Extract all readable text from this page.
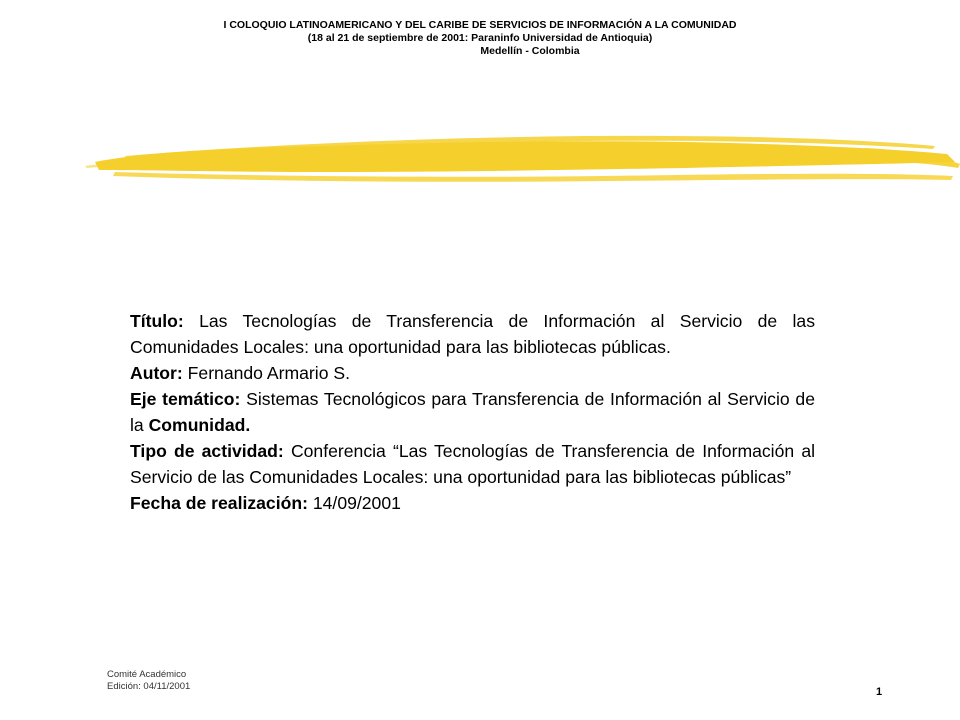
I COLOQUIO LATINOAMERICANO Y DEL CARIBE DE SERVICIOS DE INFORMACIÓN A LA COMUNIDAD
(18 al 21 de septiembre de 2001: Paraninfo Universidad de Antioquia)
Medellín - Colombia

Título: Las Tecnologías de Transferencia de Información al Servicio de las Comunidades Locales: una oportunidad para las bibliotecas públicas.

Autor: Fernando Armario S.

Eje temático: Sistemas Tecnológicos para Transferencia de Información al Servicio de la Comunidad.

Tipo de actividad: Conferencia “Las Tecnologías de Transferencia de Información al Servicio de las Comunidades Locales: una oportunidad para las bibliotecas públicas”

Fecha de realización: 14/09/2001

Comité Académico
Edición: 04/11/2001	1
